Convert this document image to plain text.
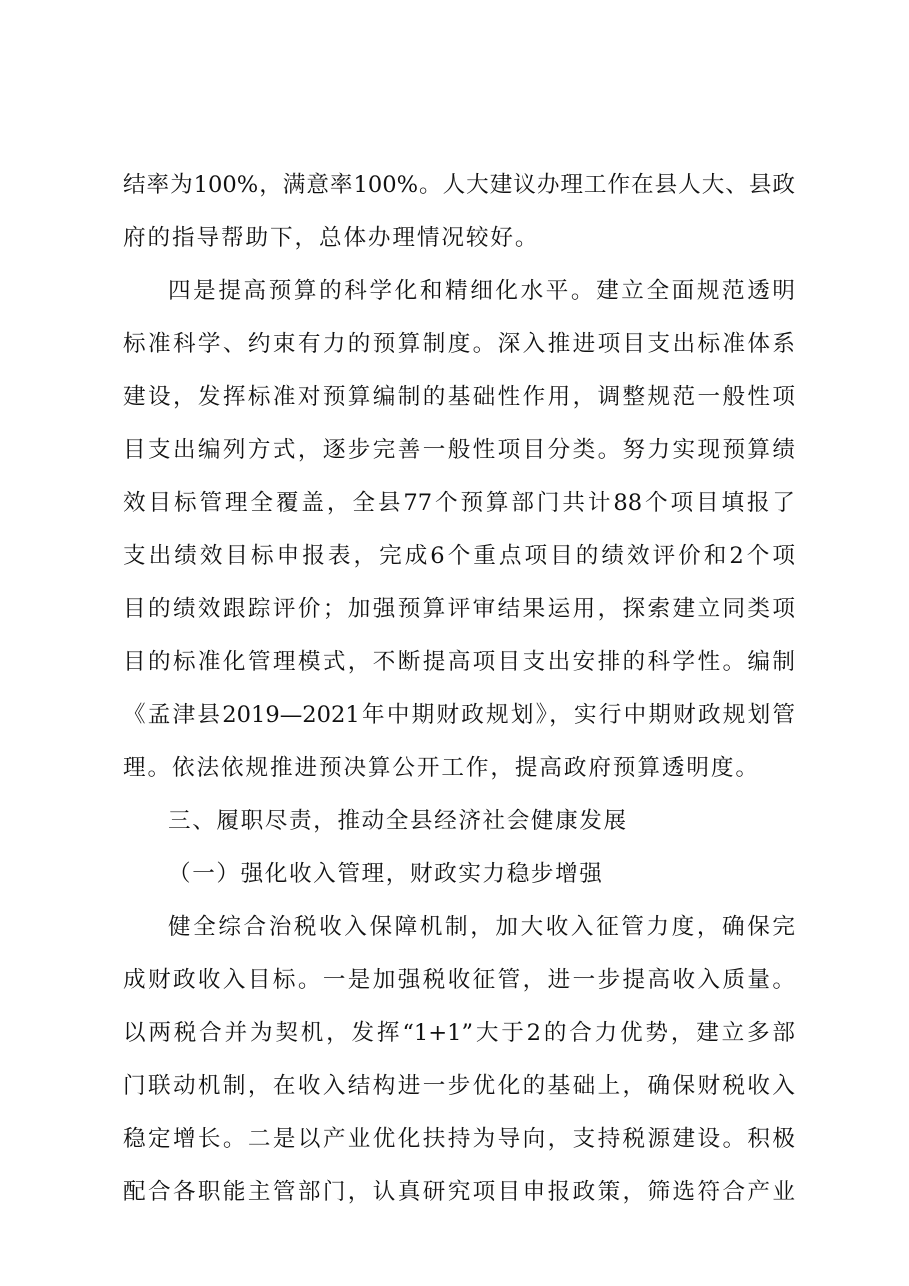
结率为100%，满意率100%。人大建议办理工作在县人大、县政
府的指导帮助下，总体办理情况较好。
四是提高预算的科学化和精细化水平。建立全面规范透明
标准科学、约束有力的预算制度。深入推进项目支出标准体系
建设，发挥标准对预算编制的基础性作用，调整规范一般性项
目支出编列方式，逐步完善一般性项目分类。努力实现预算绩
效目标管理全覆盖，全县77个预算部门共计88个项目填报了
支出绩效目标申报表，完成6个重点项目的绩效评价和2个项
目的绩效跟踪评价；加强预算评审结果运用，探索建立同类项
目的标准化管理模式，不断提高项目支出安排的科学性。编制
《孟津县2019—2021年中期财政规划》，实行中期财政规划管
理。依法依规推进预决算公开工作，提高政府预算透明度。
三、履职尽责，推动全县经济社会健康发展
（一）强化收入管理，财政实力稳步增强
健全综合治税收入保障机制，加大收入征管力度，确保完
成财政收入目标。一是加强税收征管，进一步提高收入质量。
以两税合并为契机，发挥“1+1”大于2的合力优势，建立多部
门联动机制，在收入结构进一步优化的基础上，确保财税收入
稳定增长。二是以产业优化扶持为导向，支持税源建设。积极
配合各职能主管部门，认真研究项目申报政策，筛选符合产业
